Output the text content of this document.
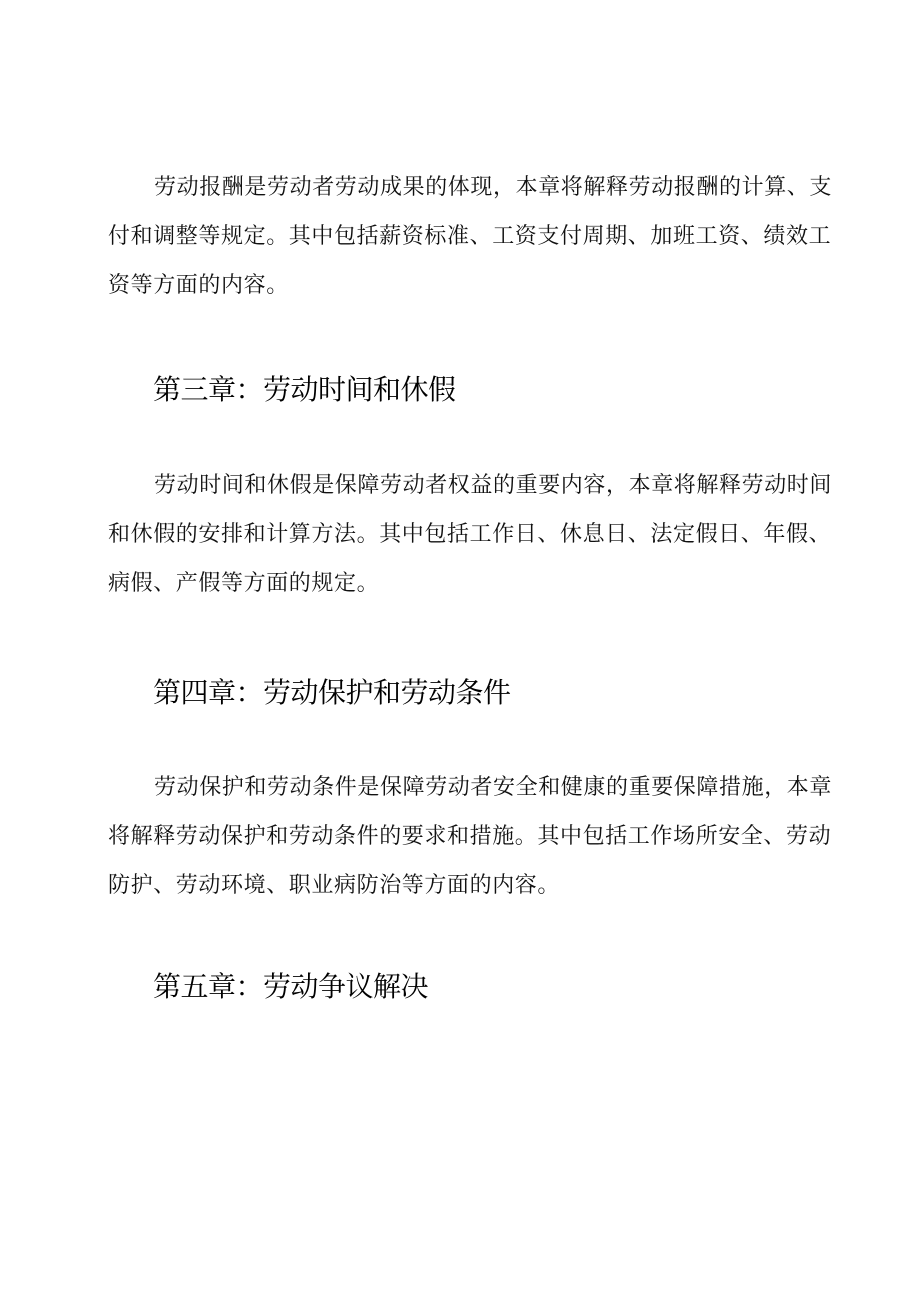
劳动报酬是劳动者劳动成果的体现，本章将解释劳动报酬的计算、支付和调整等规定。其中包括薪资标准、工资支付周期、加班工资、绩效工资等方面的内容。

第三章：劳动时间和休假

劳动时间和休假是保障劳动者权益的重要内容，本章将解释劳动时间和休假的安排和计算方法。其中包括工作日、休息日、法定假日、年假、病假、产假等方面的规定。

第四章：劳动保护和劳动条件

劳动保护和劳动条件是保障劳动者安全和健康的重要保障措施，本章将解释劳动保护和劳动条件的要求和措施。其中包括工作场所安全、劳动防护、劳动环境、职业病防治等方面的内容。

第五章：劳动争议解决
